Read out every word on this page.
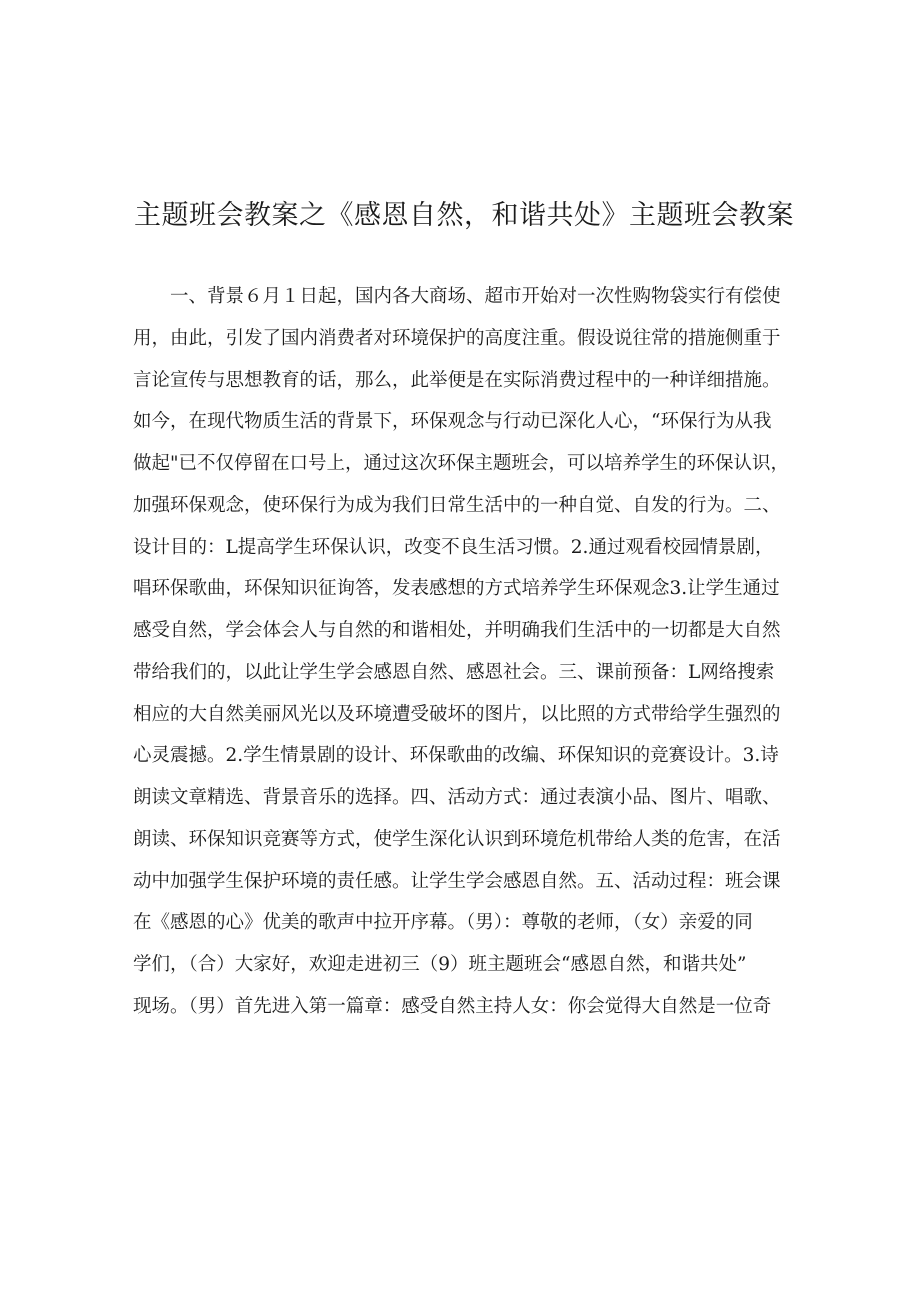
主题班会教案之《感恩自然，和谐共处》主题班会教案
一、背景６月１日起，国内各大商场、超市开始对一次性购物袋实行有偿使
用，由此，引发了国内消费者对环境保护的高度注重。假设说往常的措施侧重于
言论宣传与思想教育的话，那么，此举便是在实际消费过程中的一种详细措施。
如今，在现代物质生活的背景下，环保观念与行动已深化人心，“环保行为从我
做起"已不仅停留在口号上，通过这次环保主题班会，可以培养学生的环保认识，
加强环保观念，使环保行为成为我们日常生活中的一种自觉、自发的行为。二、
设计目的：L提高学生环保认识，改变不良生活习惯。2.通过观看校园情景剧，
唱环保歌曲，环保知识征询答，发表感想的方式培养学生环保观念3.让学生通过
感受自然，学会体会人与自然的和谐相处，并明确我们生活中的一切都是大自然
带给我们的，以此让学生学会感恩自然、感恩社会。三、课前预备：L网络搜索
相应的大自然美丽风光以及环境遭受破坏的图片，以比照的方式带给学生强烈的
心灵震撼。2.学生情景剧的设计、环保歌曲的改编、环保知识的竞赛设计。3.诗
朗读文章精选、背景音乐的选择。四、活动方式：通过表演小品、图片、唱歌、
朗读、环保知识竞赛等方式，使学生深化认识到环境危机带给人类的危害，在活
动中加强学生保护环境的责任感。让学生学会感恩自然。五、活动过程：班会课
在《感恩的心》优美的歌声中拉开序幕。（男）：尊敬的老师，（女）亲爱的同
学们，（合）大家好，欢迎走进初三（9）班主题班会“感恩自然，和谐共处”
现场。（男）首先进入第一篇章：感受自然主持人女：你会觉得大自然是一位奇
